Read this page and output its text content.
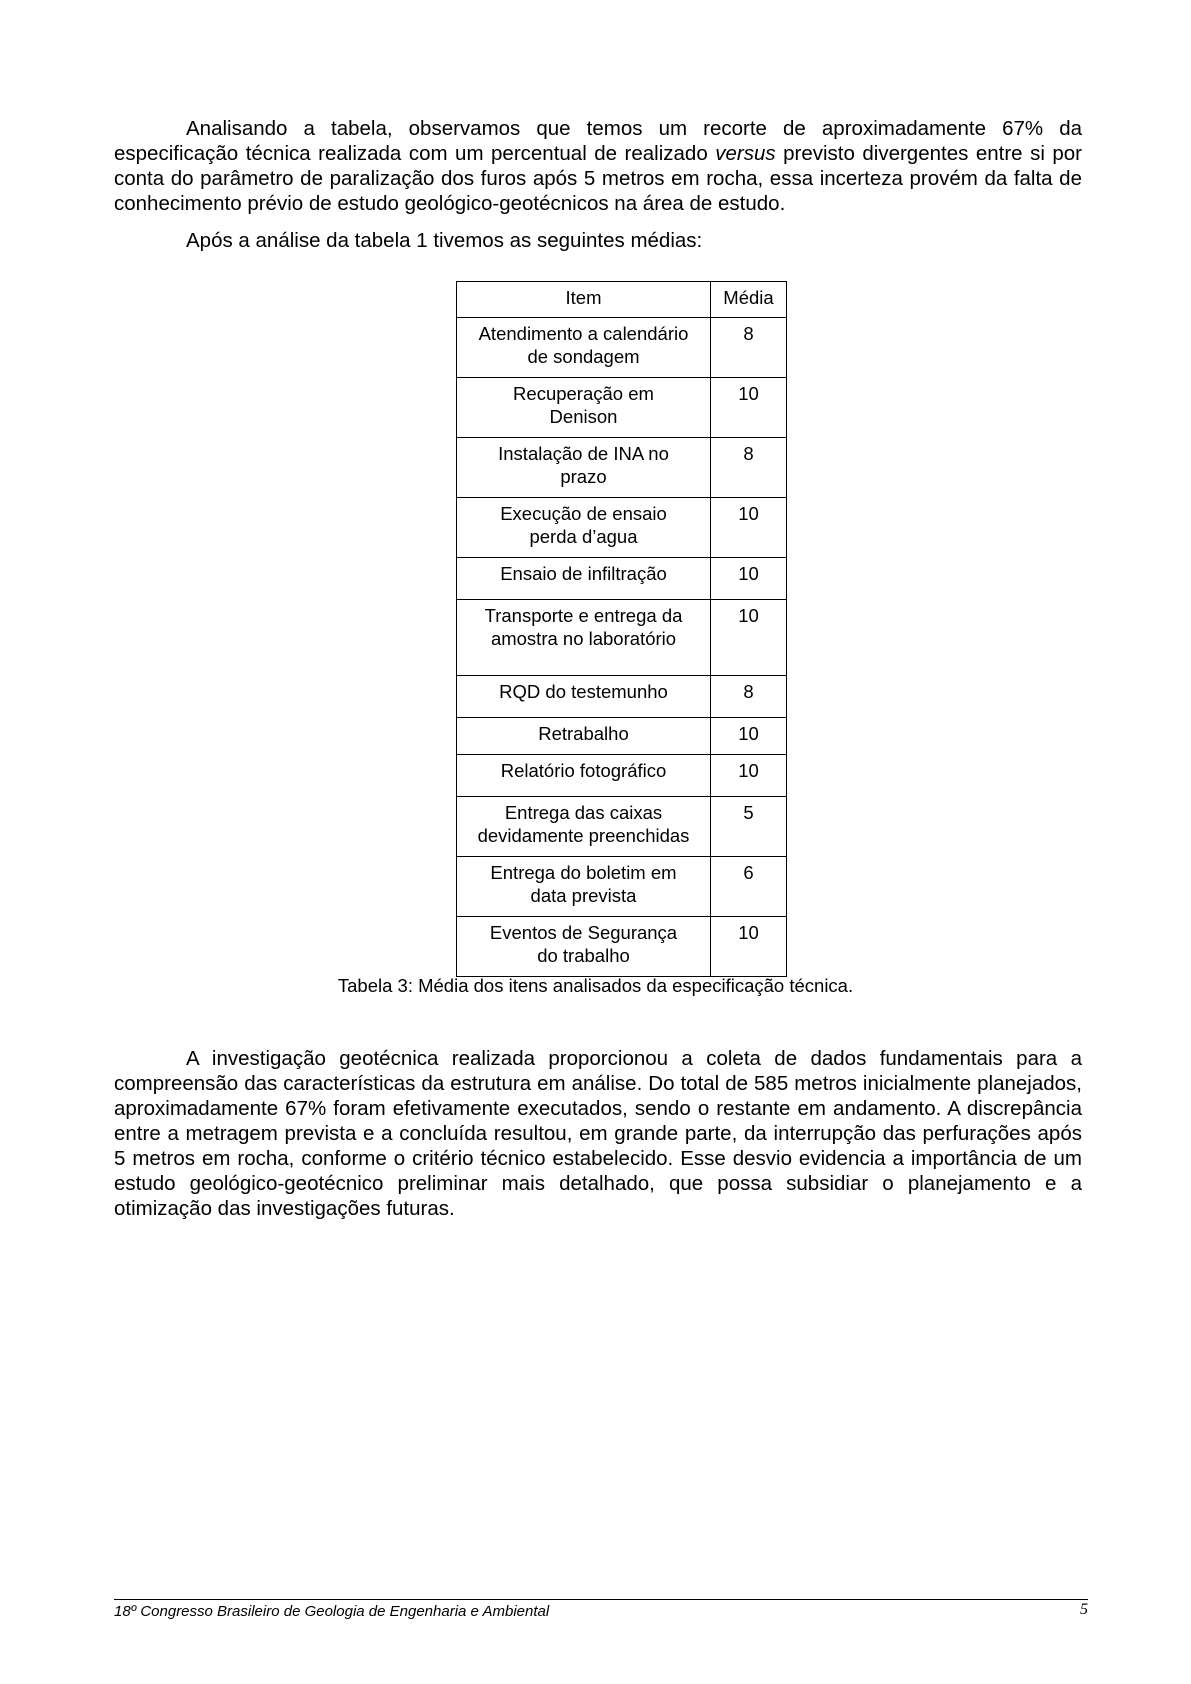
Analisando a tabela, observamos que temos um recorte de aproximadamente 67% da especificação técnica realizada com um percentual de realizado versus previsto divergentes entre si por conta do parâmetro de paralização dos furos após 5 metros em rocha, essa incerteza provém da falta de conhecimento prévio de estudo geológico-geotécnicos na área de estudo.

Após a análise da tabela 1 tivemos as seguintes médias:

Item	Média
Atendimento a calendário
de sondagem	8
Recuperação em
Denison	10
Instalação de INA no
prazo	8
Execução de ensaio
perda d’agua	10
Ensaio de infiltração	10
Transporte e entrega da
amostra no laboratório	10
RQD do testemunho	8
Retrabalho	10
Relatório fotográfico	10
Entrega das caixas
devidamente preenchidas	5
Entrega do boletim em
data prevista	6
Eventos de Segurança
do trabalho	10

Tabela 3: Média dos itens analisados da especificação técnica.

A investigação geotécnica realizada proporcionou a coleta de dados fundamentais para a compreensão das características da estrutura em análise. Do total de 585 metros inicialmente planejados, aproximadamente 67% foram efetivamente executados, sendo o restante em andamento. A discrepância entre a metragem prevista e a concluída resultou, em grande parte, da interrupção das perfurações após 5 metros em rocha, conforme o critério técnico estabelecido. Esse desvio evidencia a importância de um estudo geológico-geotécnico preliminar mais detalhado, que possa subsidiar o planejamento e a otimização das investigações futuras.

18º Congresso Brasileiro de Geologia de Engenharia e Ambiental	5
